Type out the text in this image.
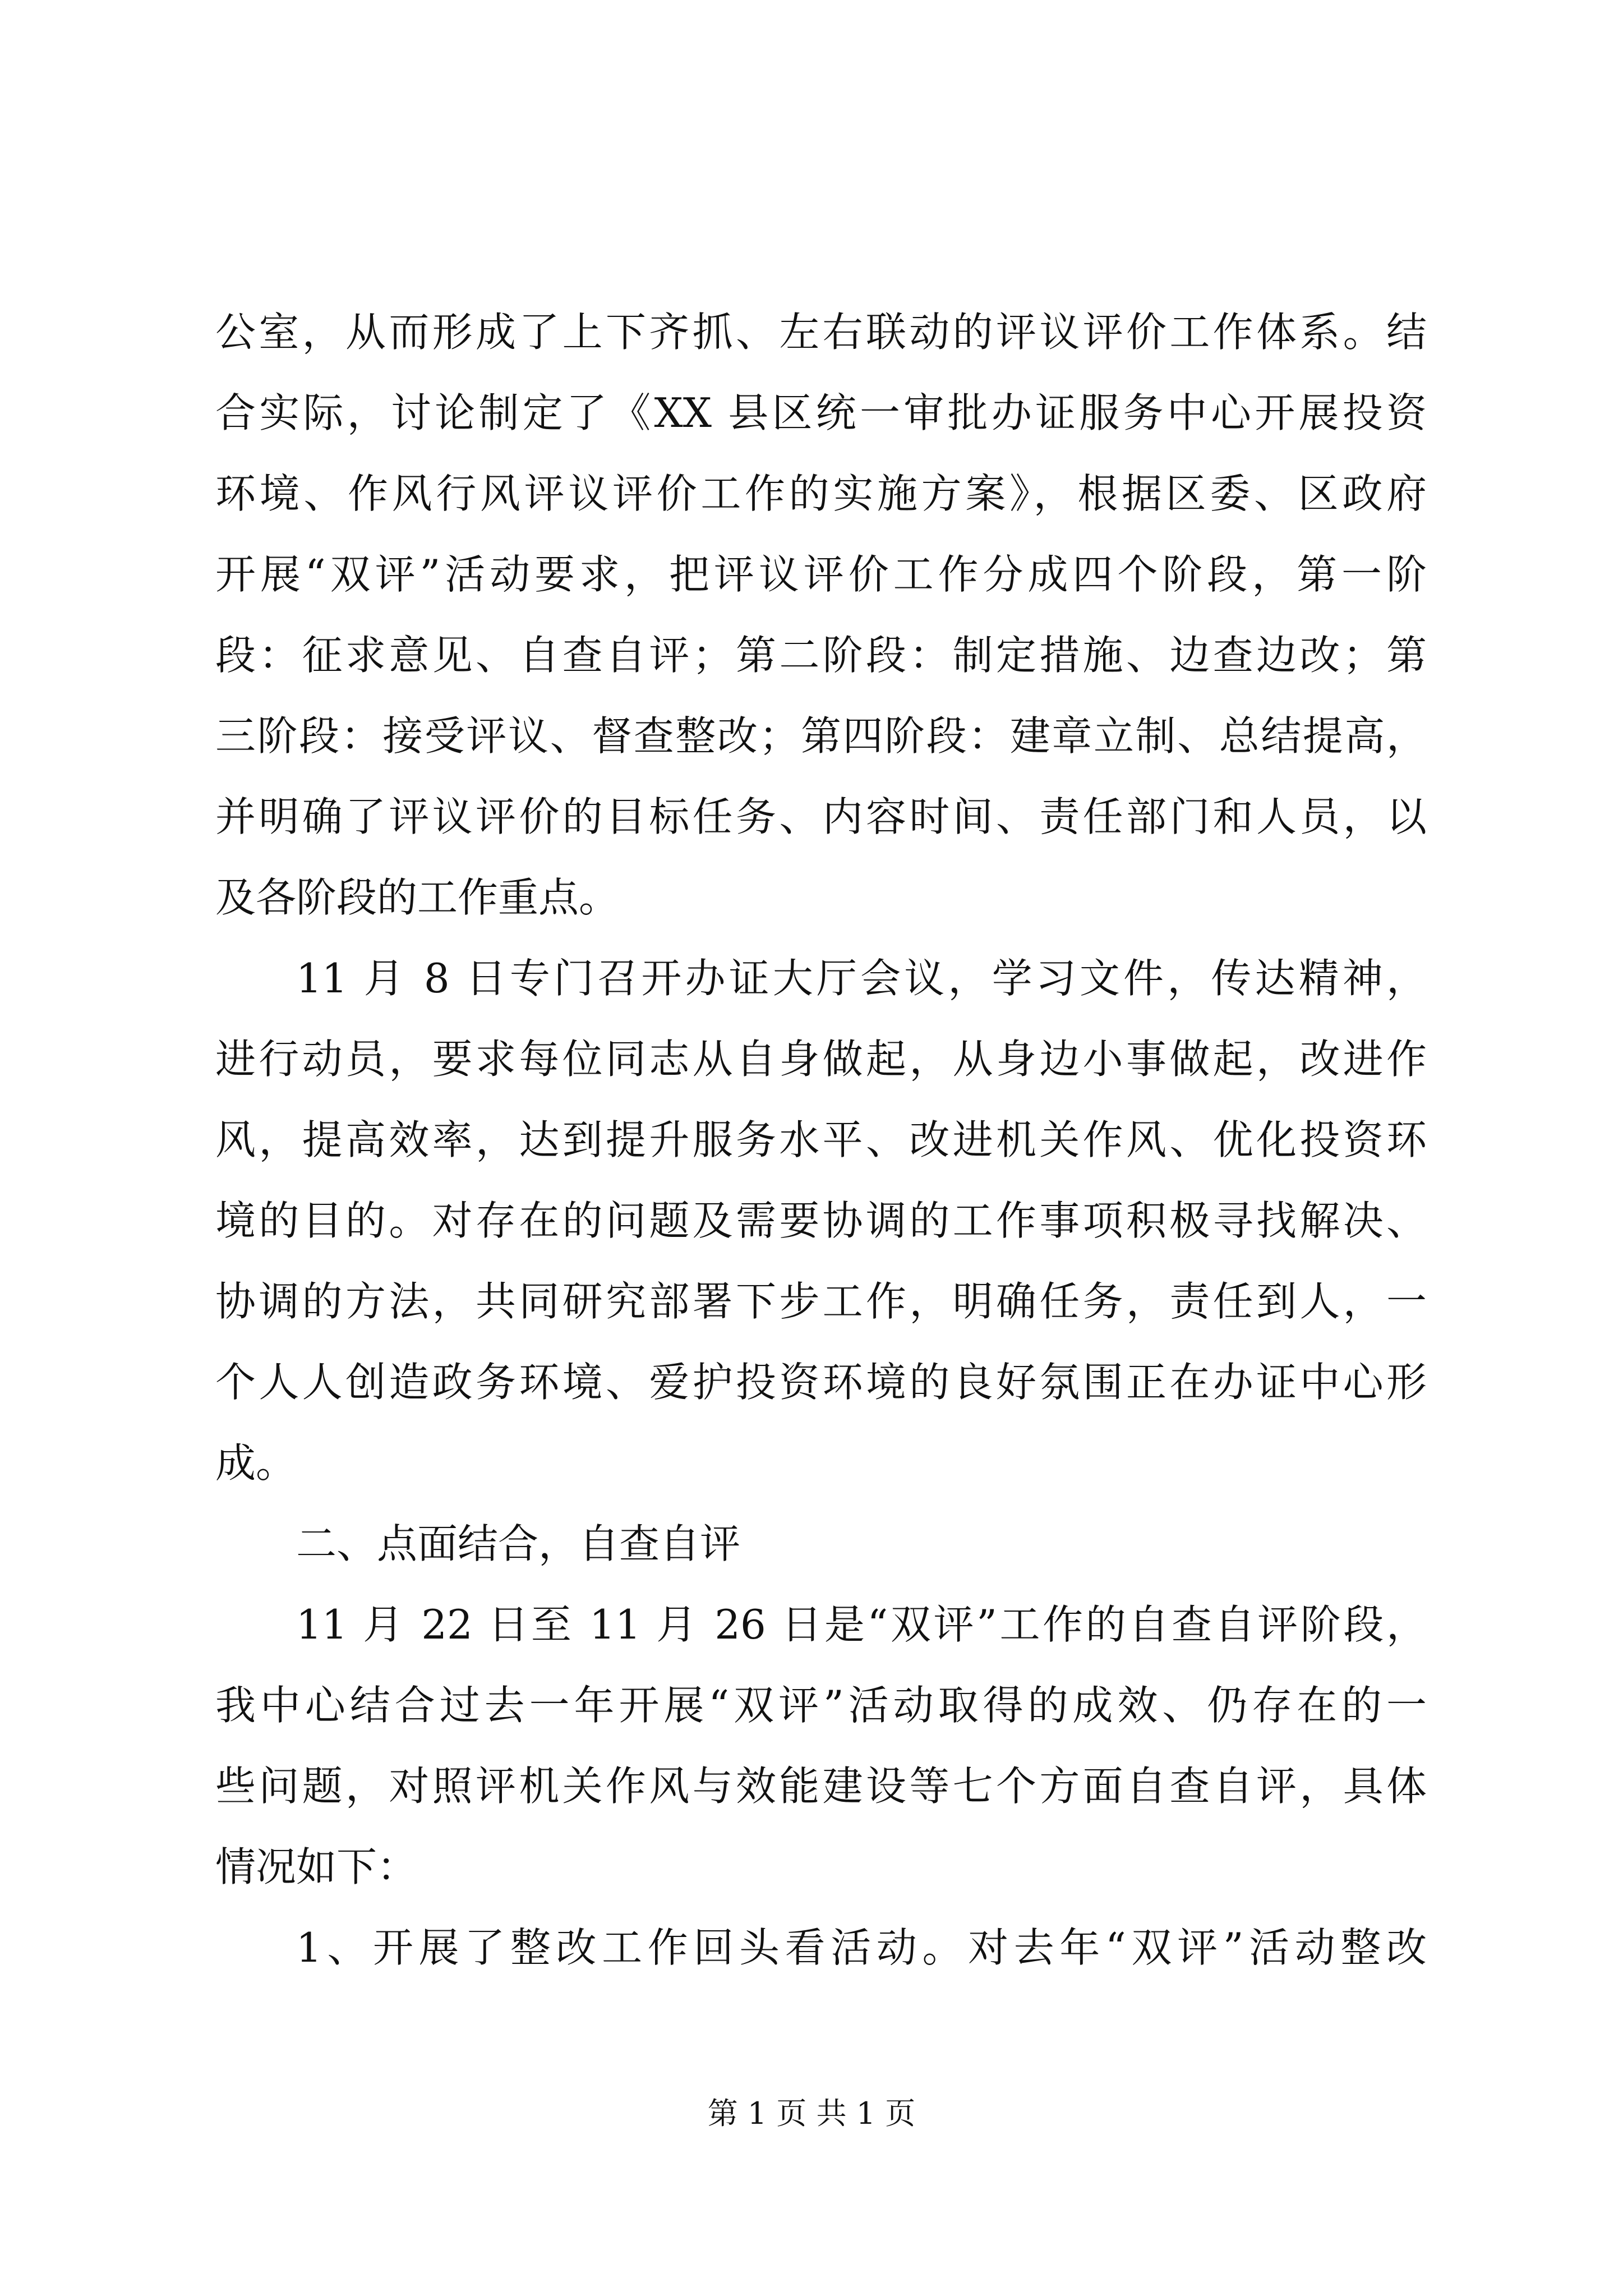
公室，从而形成了上下齐抓、左右联动的评议评价工作体系。结
合实际，讨论制定了《XX 县区统一审批办证服务中心开展投资
环境、作风行风评议评价工作的实施方案》，根据区委、区政府
开展“双评”活动要求，把评议评价工作分成四个阶段，第一阶
段：征求意见、自查自评；第二阶段：制定措施、边查边改；第
三阶段：接受评议、督查整改；第四阶段：建章立制、总结提高，
并明确了评议评价的目标任务、内容时间、责任部门和人员，以
及各阶段的工作重点。
11 月 8 日专门召开办证大厅会议，学习文件，传达精神，
进行动员，要求每位同志从自身做起，从身边小事做起，改进作
风，提高效率，达到提升服务水平、改进机关作风、优化投资环
境的目的。对存在的问题及需要协调的工作事项积极寻找解决、
协调的方法，共同研究部署下步工作，明确任务，责任到人，一
个人人创造政务环境、爱护投资环境的良好氛围正在办证中心形
成。
二、点面结合，自查自评
11 月 22 日至 11 月 26 日是“双评”工作的自查自评阶段，
我中心结合过去一年开展“双评”活动取得的成效、仍存在的一
些问题，对照评机关作风与效能建设等七个方面自查自评，具体
情况如下：
1、开展了整改工作回头看活动。对去年“双评”活动整改
第 1 页 共 1 页
